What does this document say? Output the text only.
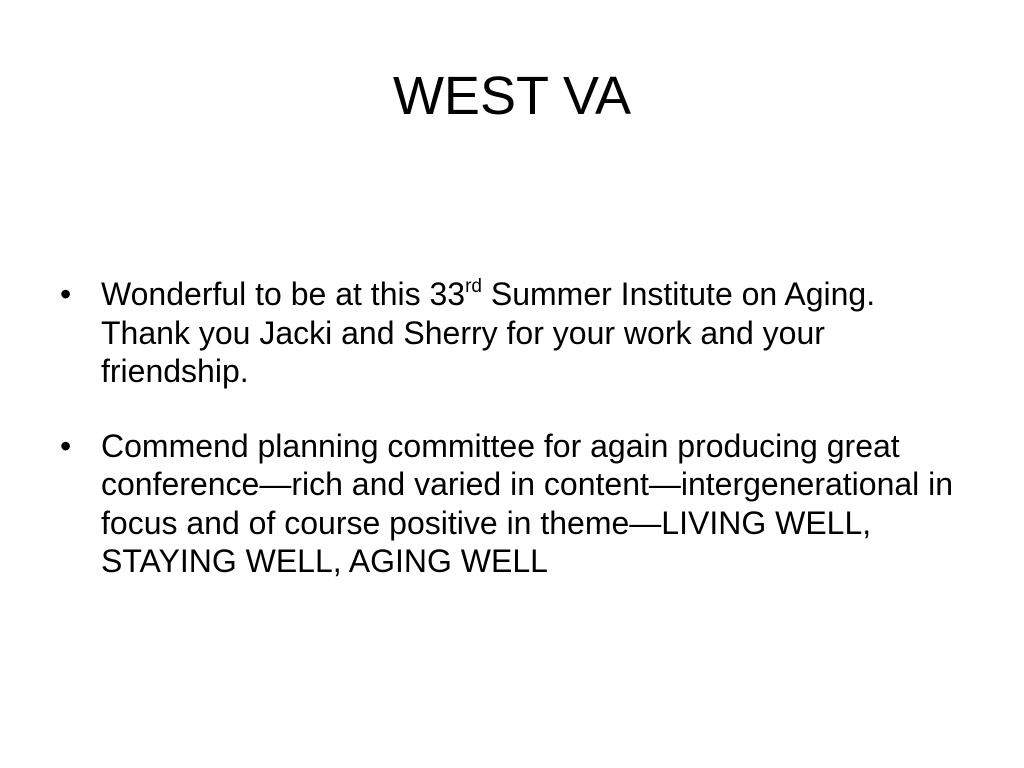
WEST VA
• Wonderful to be at this 33rd Summer Institute on Aging. Thank you Jacki and Sherry for your work and your friendship.
• Commend planning committee for again producing great conference—rich and varied in content—intergenerational in focus and of course positive in theme—LIVING WELL, STAYING WELL, AGING WELL
